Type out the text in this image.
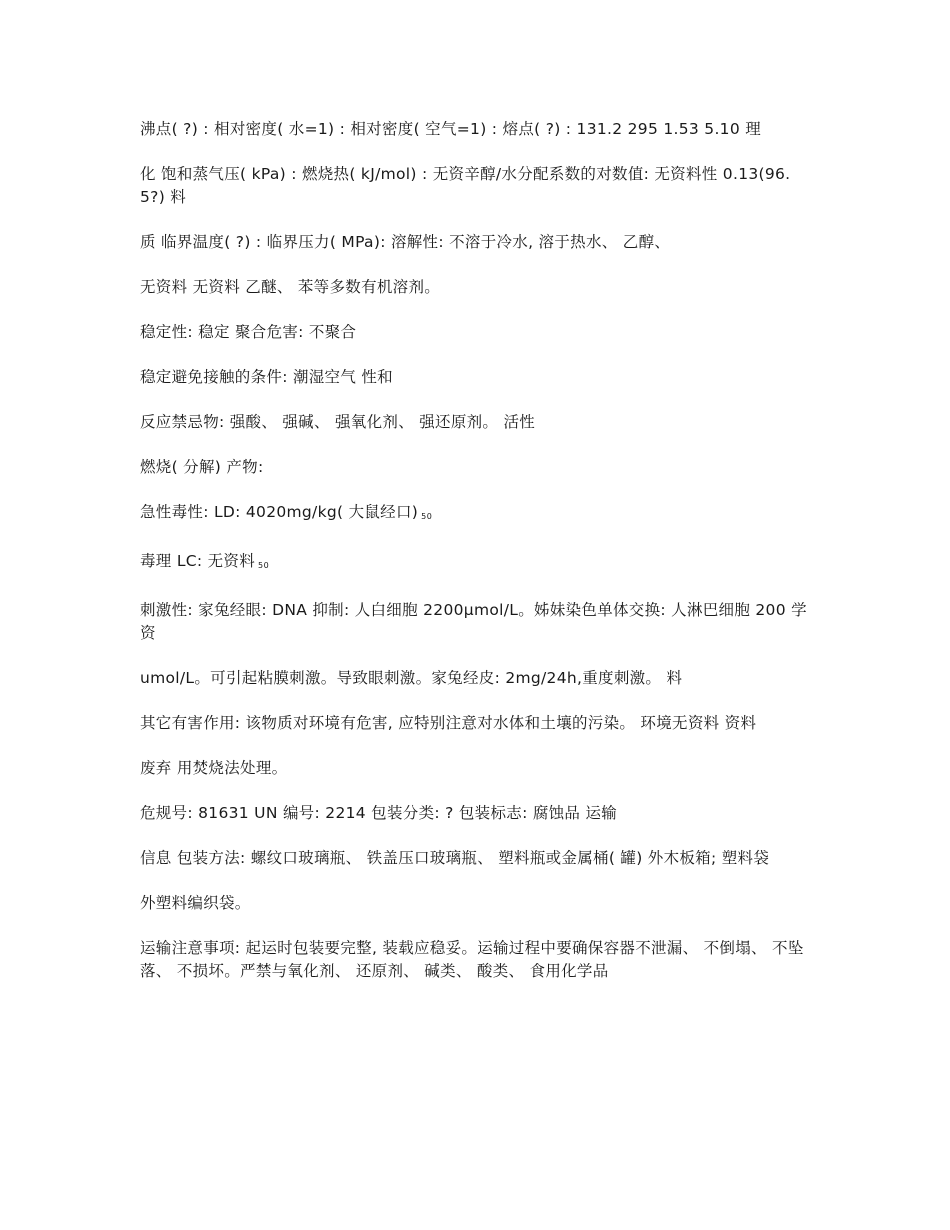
沸点( ?) : 相对密度( 水=1) : 相对密度( 空气=1) : 熔点( ?) : 131.2 295 1.53 5.10 理

化 饱和蒸气压( kPa) : 燃烧热( kJ/mol) : 无资辛醇/水分配系数的对数值: 无资料性 0.13(96.5?) 料

质 临界温度( ?) : 临界压力( MPa): 溶解性: 不溶于冷水, 溶于热水、 乙醇、

无资料 无资料 乙醚、 苯等多数有机溶剂。

稳定性: 稳定 聚合危害: 不聚合

稳定避免接触的条件: 潮湿空气 性和

反应禁忌物: 强酸、 强碱、 强氧化剂、 强还原剂。 活性

燃烧( 分解) 产物:

急性毒性: LD: 4020mg/kg( 大鼠经口) $_{50}$

毒理 LC: 无资料 $_{50}$

刺激性: 家兔经眼: DNA 抑制: 人白细胞 2200μmol/L。姊妹染色单体交换: 人淋巴细胞 200 学资

umol/L。可引起粘膜刺激。导致眼刺激。家兔经皮: 2mg/24h,重度刺激。 料

其它有害作用: 该物质对环境有危害, 应特别注意对水体和土壤的污染。 环境无资料 资料

废弃 用焚烧法处理。

危规号: 81631 UN 编号: 2214 包装分类: ? 包装标志: 腐蚀品 运输

信息 包装方法: 螺纹口玻璃瓶、 铁盖压口玻璃瓶、 塑料瓶或金属桶( 罐) 外木板箱; 塑料袋

外塑料编织袋。

运输注意事项: 起运时包装要完整, 装载应稳妥。运输过程中要确保容器不泄漏、 不倒塌、 不坠落、 不损坏。严禁与氧化剂、 还原剂、 碱类、 酸类、 食用化学品
